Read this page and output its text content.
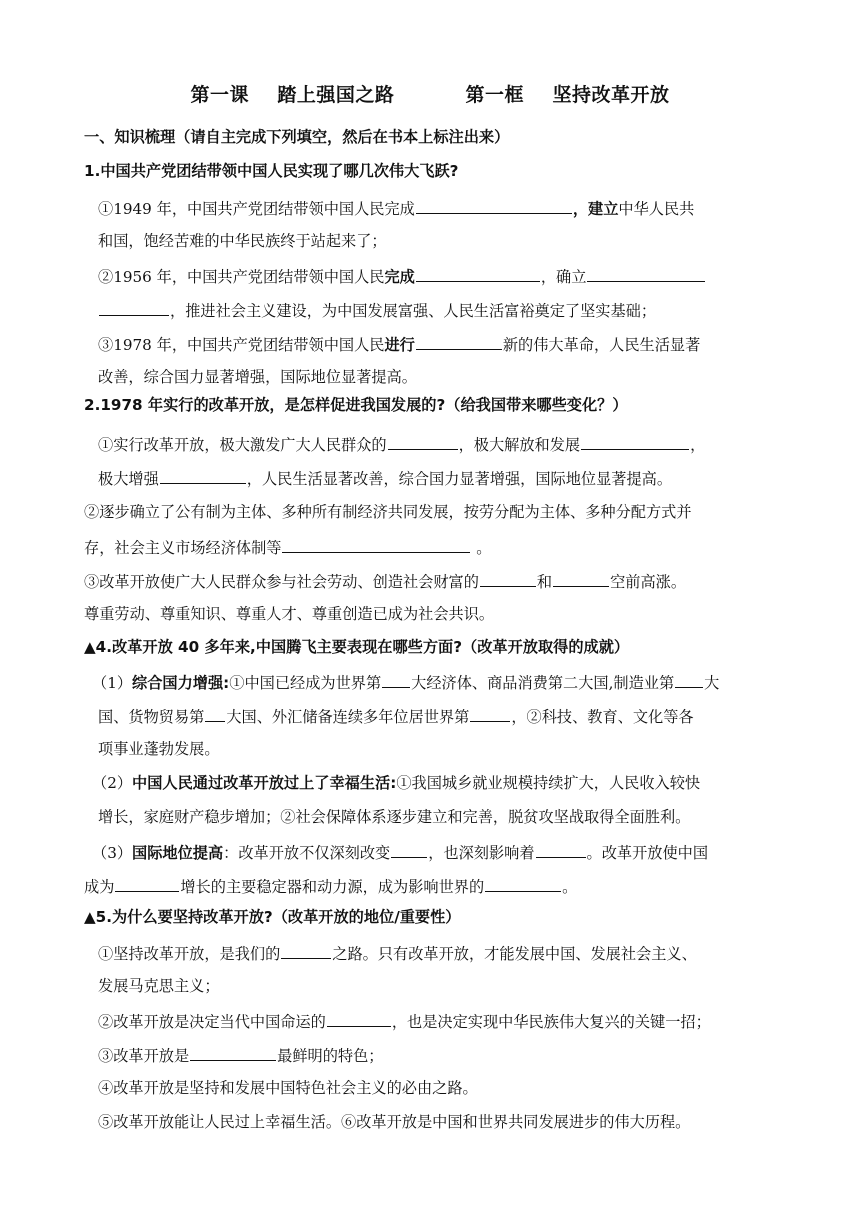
第一课    踏上强国之路          第一框    坚持改革开放
一、知识梳理（请自主完成下列填空，然后在书本上标注出来）
1.中国共产党团结带领中国人民实现了哪几次伟大飞跃?
①1949 年，中国共产党团结带领中国人民完成	，建立中华人民共
和国，饱经苦难的中华民族终于站起来了；
②1956 年，中国共产党团结带领中国人民完成	，确立
，推进社会主义建设，为中国发展富强、人民生活富裕奠定了坚实基础；
③1978 年，中国共产党团结带领中国人民进行	新的伟大革命，人民生活显著
改善，综合国力显著增强，国际地位显著提高。
2.1978 年实行的改革开放，是怎样促进我国发展的?（给我国带来哪些变化？）
①实行改革开放，极大激发广大人民群众的	，极大解放和发展	，
极大增强	，人民生活显著改善，综合国力显著增强，国际地位显著提高。
②逐步确立了公有制为主体、多种所有制经济共同发展，按劳分配为主体、多种分配方式并
存，社会主义市场经济体制等	。
③改革开放使广大人民群众参与社会劳动、创造社会财富的	和	空前高涨。
尊重劳动、尊重知识、尊重人才、尊重创造已成为社会共识。
▲4.改革开放 40 多年来,中国腾飞主要表现在哪些方面?（改革开放取得的成就）
（1）综合国力增强:①中国已经成为世界第 大经济体、商品消费第二大国,制造业第 大
国、货物贸易第 大国、外汇储备连续多年位居世界第	，②科技、教育、文化等各
项事业蓬勃发展。
（2）中国人民通过改革开放过上了幸福生活:①我国城乡就业规模持续扩大，人民收入较快
增长，家庭财产稳步增加；②社会保障体系逐步建立和完善，脱贫攻坚战取得全面胜利。
（3）国际地位提高：改革开放不仅深刻改变	，也深刻影响着	。改革开放使中国
成为	增长的主要稳定器和动力源，成为影响世界的	。
▲5.为什么要坚持改革开放?（改革开放的地位/重要性）
①坚持改革开放，是我们的	之路。只有改革开放，才能发展中国、发展社会主义、
发展马克思主义；
②改革开放是决定当代中国命运的	，也是决定实现中华民族伟大复兴的关键一招；
③改革开放是	最鲜明的特色；
④改革开放是坚持和发展中国特色社会主义的必由之路。
⑤改革开放能让人民过上幸福生活。⑥改革开放是中国和世界共同发展进步的伟大历程。
